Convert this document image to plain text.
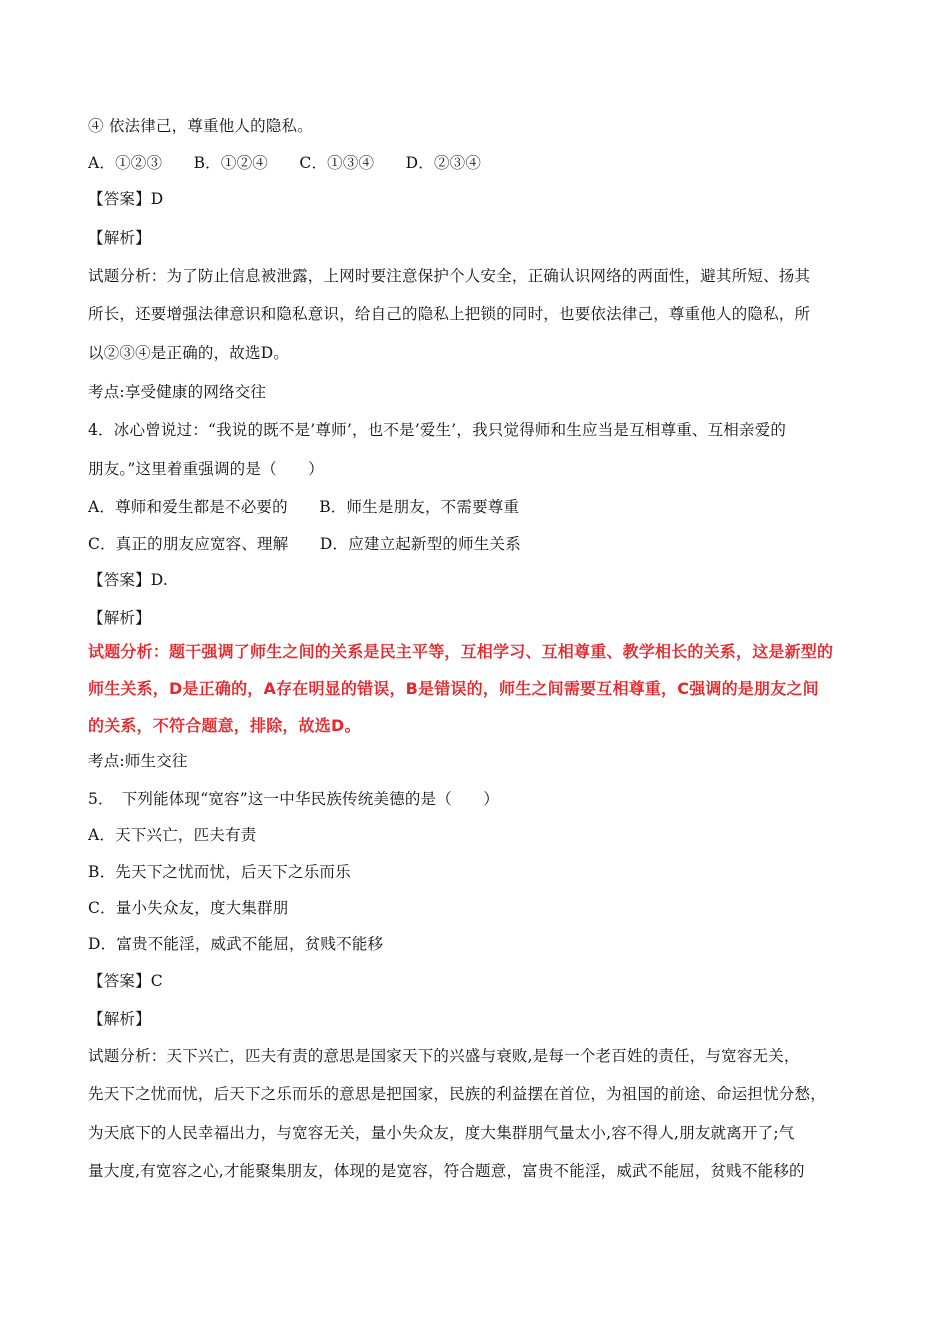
④ 依法律己，尊重他人的隐私。
A．①②③　　B．①②④　　C．①③④　　D．②③④
【答案】D
【解析】
试题分析：为了防止信息被泄露，上网时要注意保护个人安全，正确认识网络的两面性，避其所短、扬其
所长，还要增强法律意识和隐私意识，给自己的隐私上把锁的同时，也要依法律己，尊重他人的隐私，所
以②③④是正确的，故选D。
考点:享受健康的网络交往
4．冰心曾说过：“我说的既不是’尊师’，也不是’爱生’，我只觉得师和生应当是互相尊重、互相亲爱的
朋友。”这里着重强调的是（　　）
A．尊师和爱生都是不必要的　　B．师生是朋友，不需要尊重
C．真正的朋友应宽容、理解　　D．应建立起新型的师生关系
【答案】D.
【解析】
试题分析：题干强调了师生之间的关系是民主平等，互相学习、互相尊重、教学相长的关系，这是新型的
师生关系，D是正确的，A存在明显的错误，B是错误的，师生之间需要互相尊重，C强调的是朋友之间
的关系，不符合题意，排除，故选D。
考点:师生交往
5．　下列能体现“宽容”这一中华民族传统美德的是（　　）
A．天下兴亡，匹夫有责
B．先天下之忧而忧，后天下之乐而乐
C．量小失众友，度大集群朋
D．富贵不能淫，威武不能屈，贫贱不能移
【答案】C
【解析】
试题分析：天下兴亡，匹夫有责的意思是国家天下的兴盛与衰败,是每一个老百姓的责任，与宽容无关，
先天下之忧而忧，后天下之乐而乐的意思是把国家，民族的利益摆在首位，为祖国的前途、命运担忧分愁，
为天底下的人民幸福出力，与宽容无关，量小失众友，度大集群朋气量太小,容不得人,朋友就离开了;气
量大度,有宽容之心,才能聚集朋友，体现的是宽容，符合题意，富贵不能淫，威武不能屈，贫贱不能移的
